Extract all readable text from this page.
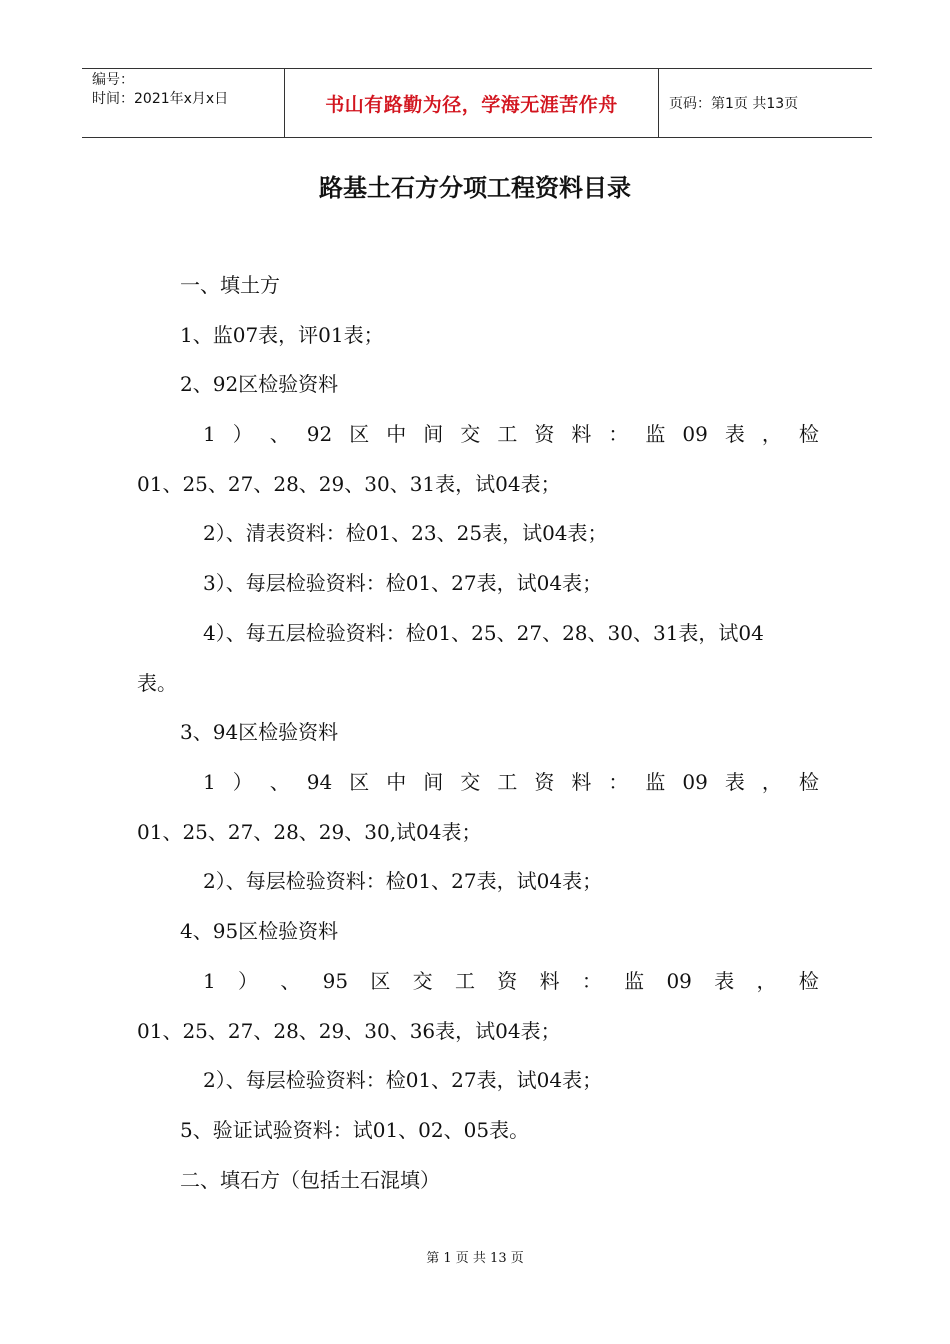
编号：
时间：2021年x月x日	书山有路勤为径，学海无涯苦作舟	页码：第1页 共13页
路基土石方分项工程资料目录
一、填土方
1、监07表，评01表；
2、92区检验资料
1 ） 、 92 区 中 间 交 工 资 料 ： 监 09 表 ， 检
01、25、27、28、29、30、31表，试04表；
2）、清表资料：检01、23、25表，试04表；
3）、每层检验资料：检01、27表，试04表；
4）、每五层检验资料：检01、25、27、28、30、31表，试04
表。
3、94区检验资料
1 ） 、 94 区 中 间 交 工 资 料 ： 监 09 表 ， 检
01、25、27、28、29、30,试04表；
2）、每层检验资料：检01、27表，试04表；
4、95区检验资料
1 ） 、 95 区 交 工 资 料 ： 监 09 表 ， 检
01、25、27、28、29、30、36表，试04表；
2）、每层检验资料：检01、27表，试04表；
5、验证试验资料：试01、02、05表。
二、填石方（包括土石混填）
第 1 页 共 13 页
